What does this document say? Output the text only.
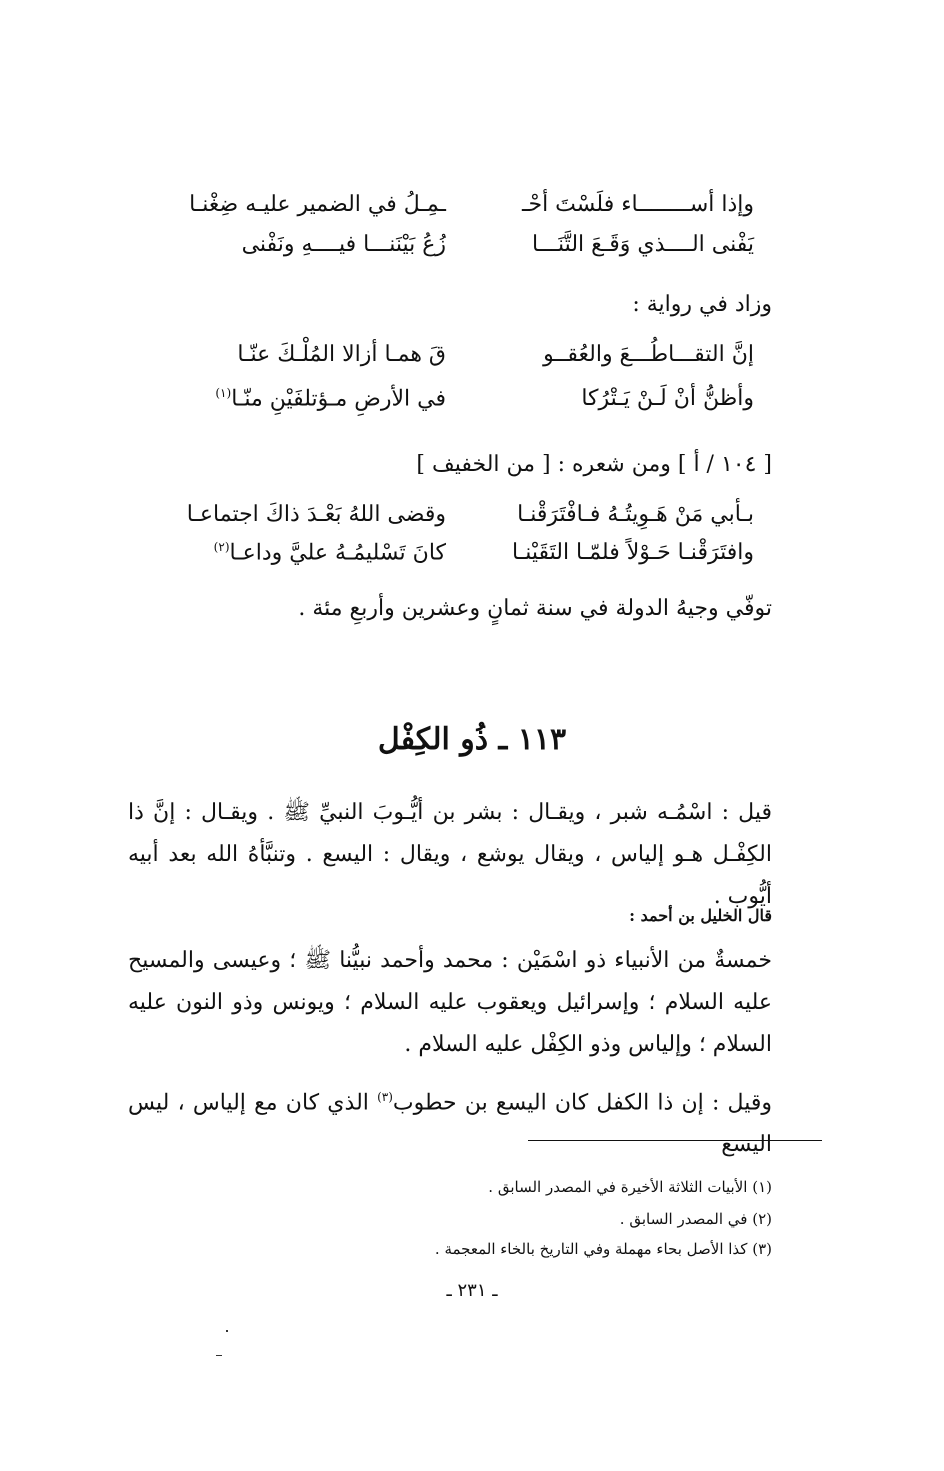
وإذا أســــــــاء فلَسْتَ أحْـ
ـمِـلُ في الضمير عليـه ضِغْنـا
يَفْنى الــــذي وَقَـعَ التَّنَـــا
زُعُ بَيْنَنـــا فيــــهِ ونَفْنى
وزاد في رواية :
إنَّ التقـــاطُـــعَ والعُقــو
قَ همـا أزالا المُلْـكَ عنّـا
وأظنُّ أنْ لَـنْ يَـتْرُكا
في الأرضِ مـؤتلفَيْنِ منّـا$^{(١)}$
[ ١٠٤ / أ ] ومن شعره : [ من الخفيف ]
بـأبي مَنْ هَـوِيتُـهُ فـافْتَرَقْنـا
وقضى اللهُ بَعْـدَ ذاكَ اجتماعـا
وافتَرَقْنـا حَـوْلاً فلمّـا التَقَيْنـا
كانَ تَسْليمُـهُ عليَّ وداعـا$^{(٢)}$
توفّي وجيهُ الدولة في سنة ثمانٍ وعشرين وأربعِ مئة .
١١٣ ـ ذُو الكِفْل
قيل : اسْمُـه شبر ، ويقـال : بشر بن أيُّـوبَ النبيِّ ﷺ . ويقـال : إنَّ ذا الكِفْـل هـو إلياس ، ويقال يوشع ، ويقال : اليسع . وتنبَّأهُ الله بعد أبيه أيُّوب .
قال الخليل بن أحمد :
خمسةٌ من الأنبياء ذو اسْمَيْن : محمد وأحمد نبيُّنا ﷺ ؛ وعيسى والمسيح عليه السلام ؛ وإسرائيل ويعقوب عليه السلام ؛ ويونس وذو النون عليه السلام ؛ وإلياس وذو الكِفْل عليه السلام .
وقيل : إن ذا الكفل كان اليسع بن حطوب$^{(٣)}$ الذي كان مع إلياس ، ليس اليسع
(١) الأبيات الثلاثة الأخيرة في المصدر السابق .
(٢) في المصدر السابق .
(٣) كذا الأصل بحاء مهملة وفي التاريخ بالخاء المعجمة .
ـ ٢٣١ ـ
